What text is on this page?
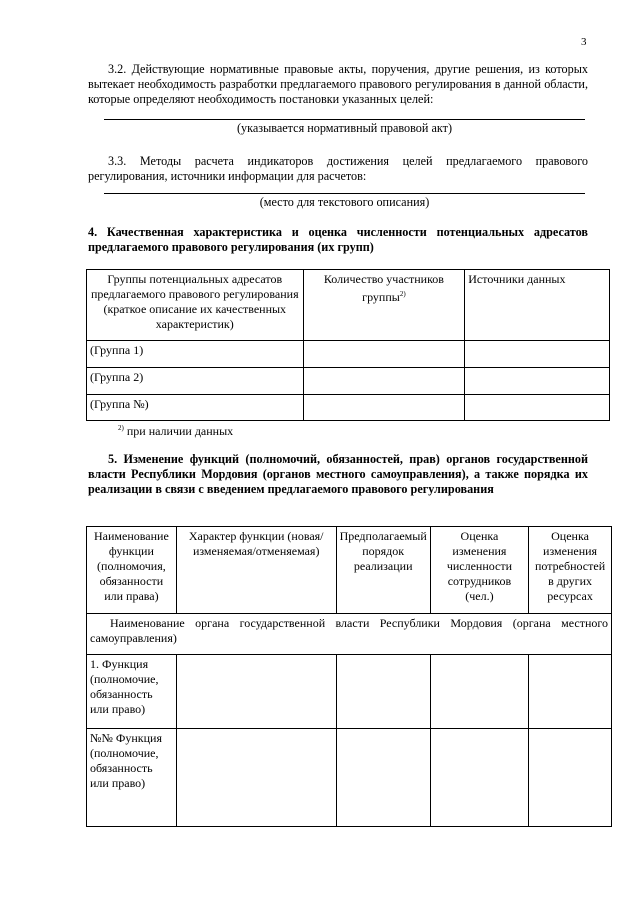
3
3.2. Действующие нормативные правовые акты, поручения, другие решения, из которых вытекает необходимость разработки предлагаемого правового регулирования в данной области, которые определяют необходимость постановки указанных целей:
(указывается нормативный правовой акт)
3.3. Методы расчета индикаторов достижения целей предлагаемого правового регулирования, источники информации для расчетов:
(место для текстового описания)
4. Качественная характеристика и оценка численности потенциальных адресатов предлагаемого правового регулирования (их групп)
Группы потенциальных адресатов предлагаемого правового регулирования (краткое описание их качественных характеристик)	Количество участников группы$^{2)}$	Источники данных
(Группа 1)		
(Группа 2)		
(Группа №)		
$^{2)}$ при наличии данных
5. Изменение функций (полномочий, обязанностей, прав) органов государственной власти Республики Мордовия (органов местного самоуправления), а также порядка их реализации в связи с введением предлагаемого правового регулирования
Наименование функции (полномочия, обязанности или права)	Характер функции (новая/изменяемая/отменяемая)	Предполагаемый порядок реализации	Оценка изменения численности сотрудников (чел.)	Оценка изменения потребностей в других ресурсах
Наименование органа государственной власти Республики Мордовия (органа местного самоуправления)				
1. Функция (полномочие, обязанность или право)				
№№ Функция (полномочие, обязанность или право)				
